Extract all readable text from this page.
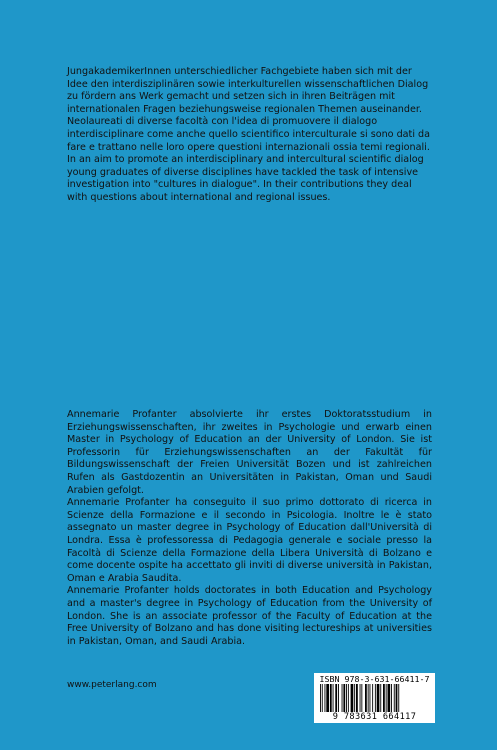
JungakademikerInnen unterschiedlicher Fachgebiete haben sich mit der Idee den interdisziplinären sowie interkulturellen wissenschaftlichen Dialog zu fördern ans Werk gemacht und setzen sich in ihren Beiträgen mit internationalen Fragen beziehungsweise regionalen Themen auseinander.

Neolaureati di diverse facoltà con l'idea di promuovere il dialogo interdisciplinare come anche quello scientifico interculturale si sono dati da fare e trattano nelle loro opere questioni internazionali ossia temi regionali.

In an aim to promote an interdisciplinary and intercultural scientific dialog young graduates of diverse disciplines have tackled the task of intensive investigation into "cultures in dialogue". In their contributions they deal with questions about international and regional issues.

Annemarie Profanter absolvierte ihr erstes Doktoratsstudium in Erziehungswissenschaften, ihr zweites in Psychologie und erwarb einen Master in Psychology of Education an der University of London. Sie ist Professorin für Erziehungswissenschaften an der Fakultät für Bildungswissenschaft der Freien Universität Bozen und ist zahlreichen Rufen als Gastdozentin an Universitäten in Pakistan, Oman und Saudi Arabien gefolgt.

Annemarie Profanter ha conseguito il suo primo dottorato di ricerca in Scienze della Formazione e il secondo in Psicologia. Inoltre le è stato assegnato un master degree in Psychology of Education dall'Università di Londra. Essa è professoressa di Pedagogia generale e sociale presso la Facoltà di Scienze della Formazione della Libera Università di Bolzano e come docente ospite ha accettato gli inviti di diverse università in Pakistan, Oman e Arabia Saudita.

Annemarie Profanter holds doctorates in both Education and Psychology and a master's degree in Psychology of Education from the University of London. She is an associate professor of the Faculty of Education at the Free University of Bolzano and has done visiting lectureships at universities in Pakistan, Oman, and Saudi Arabia.

www.peterlang.com
ISBN 978-3-631-66411-7
9 783631 664117
